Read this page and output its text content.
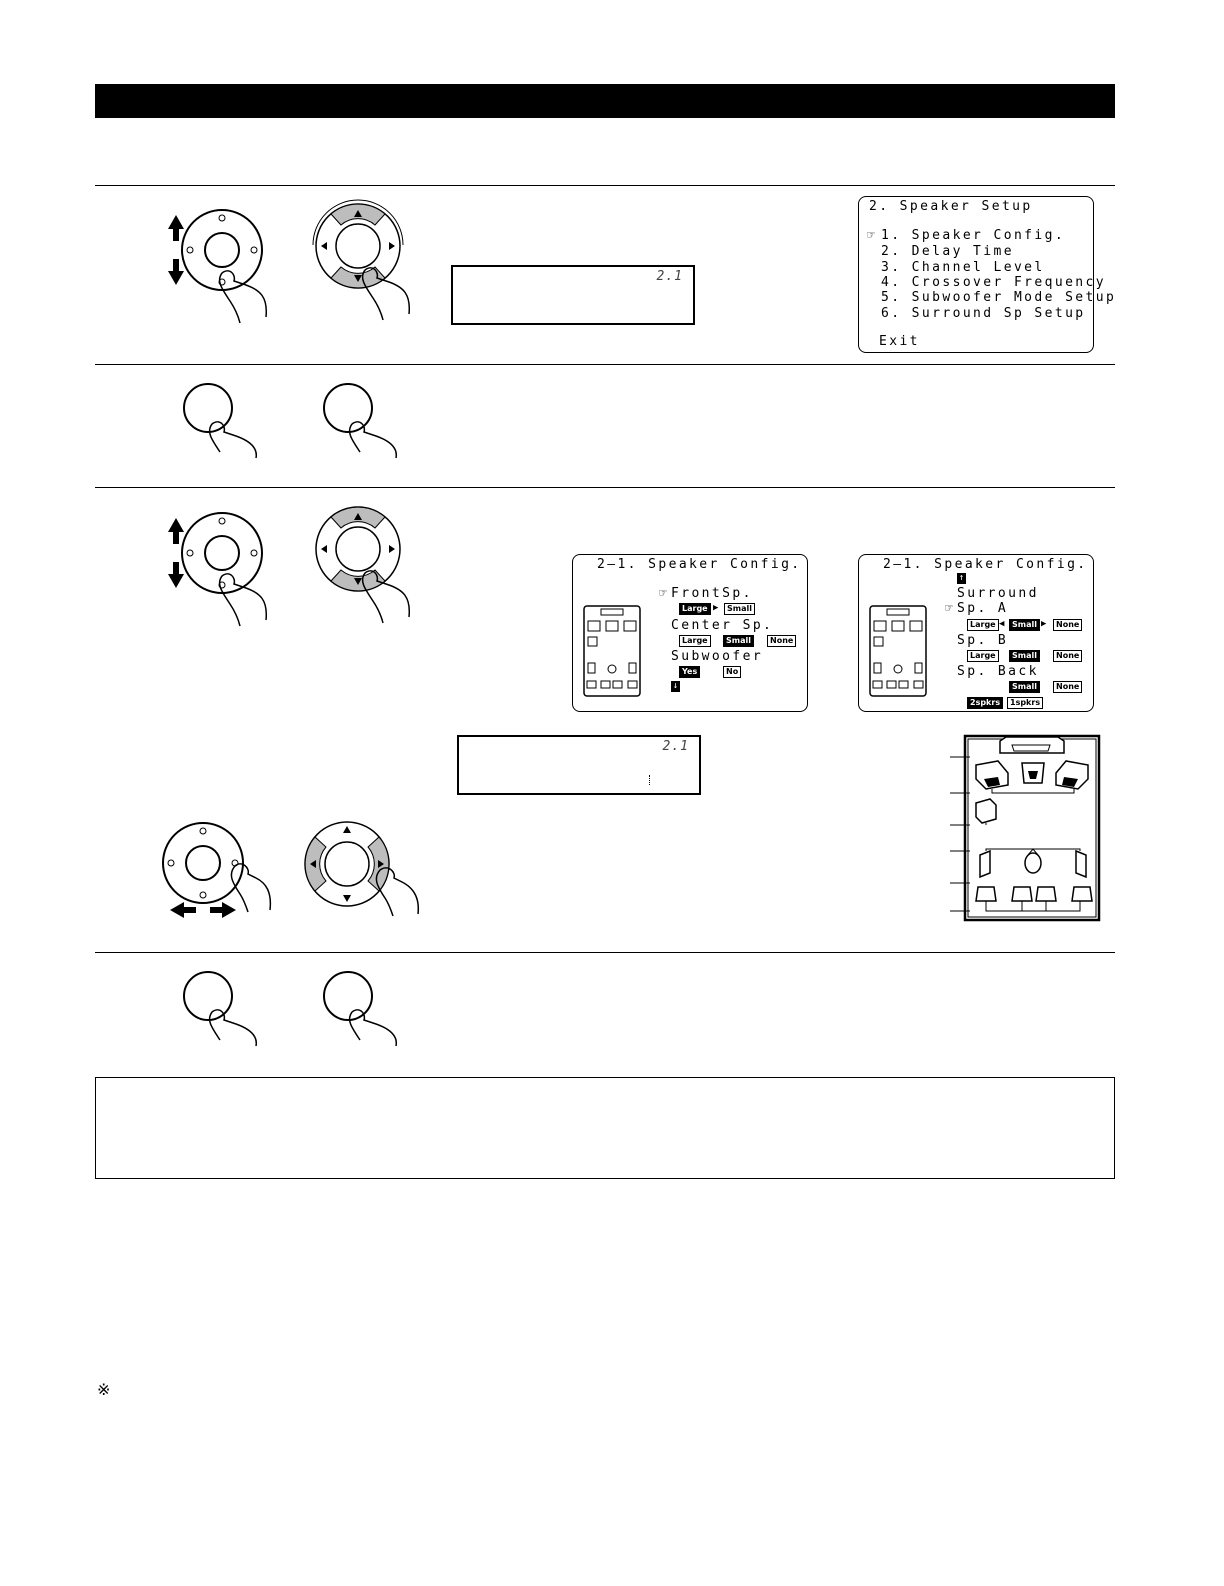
2.1
2. Speaker Setup
☞ 1. Speaker Config.
2. Delay Time
3. Channel Level
4. Crossover Frequency
5. Subwoofer Mode Setup
6. Surround Sp Setup
Exit
2–1. Speaker Config.
☞ FrontSp.
Large ▶	Small
Center Sp.
Large	Small	None
Subwoofer
Yes	No
↓
2–1. Speaker Config.
↑
Surround
☞ Sp. A
Large ◀ Small ▶	None
Sp. B
Large	Small	None
Sp. Back
Small	None
2spkrs	1spkrs
2.1
※
